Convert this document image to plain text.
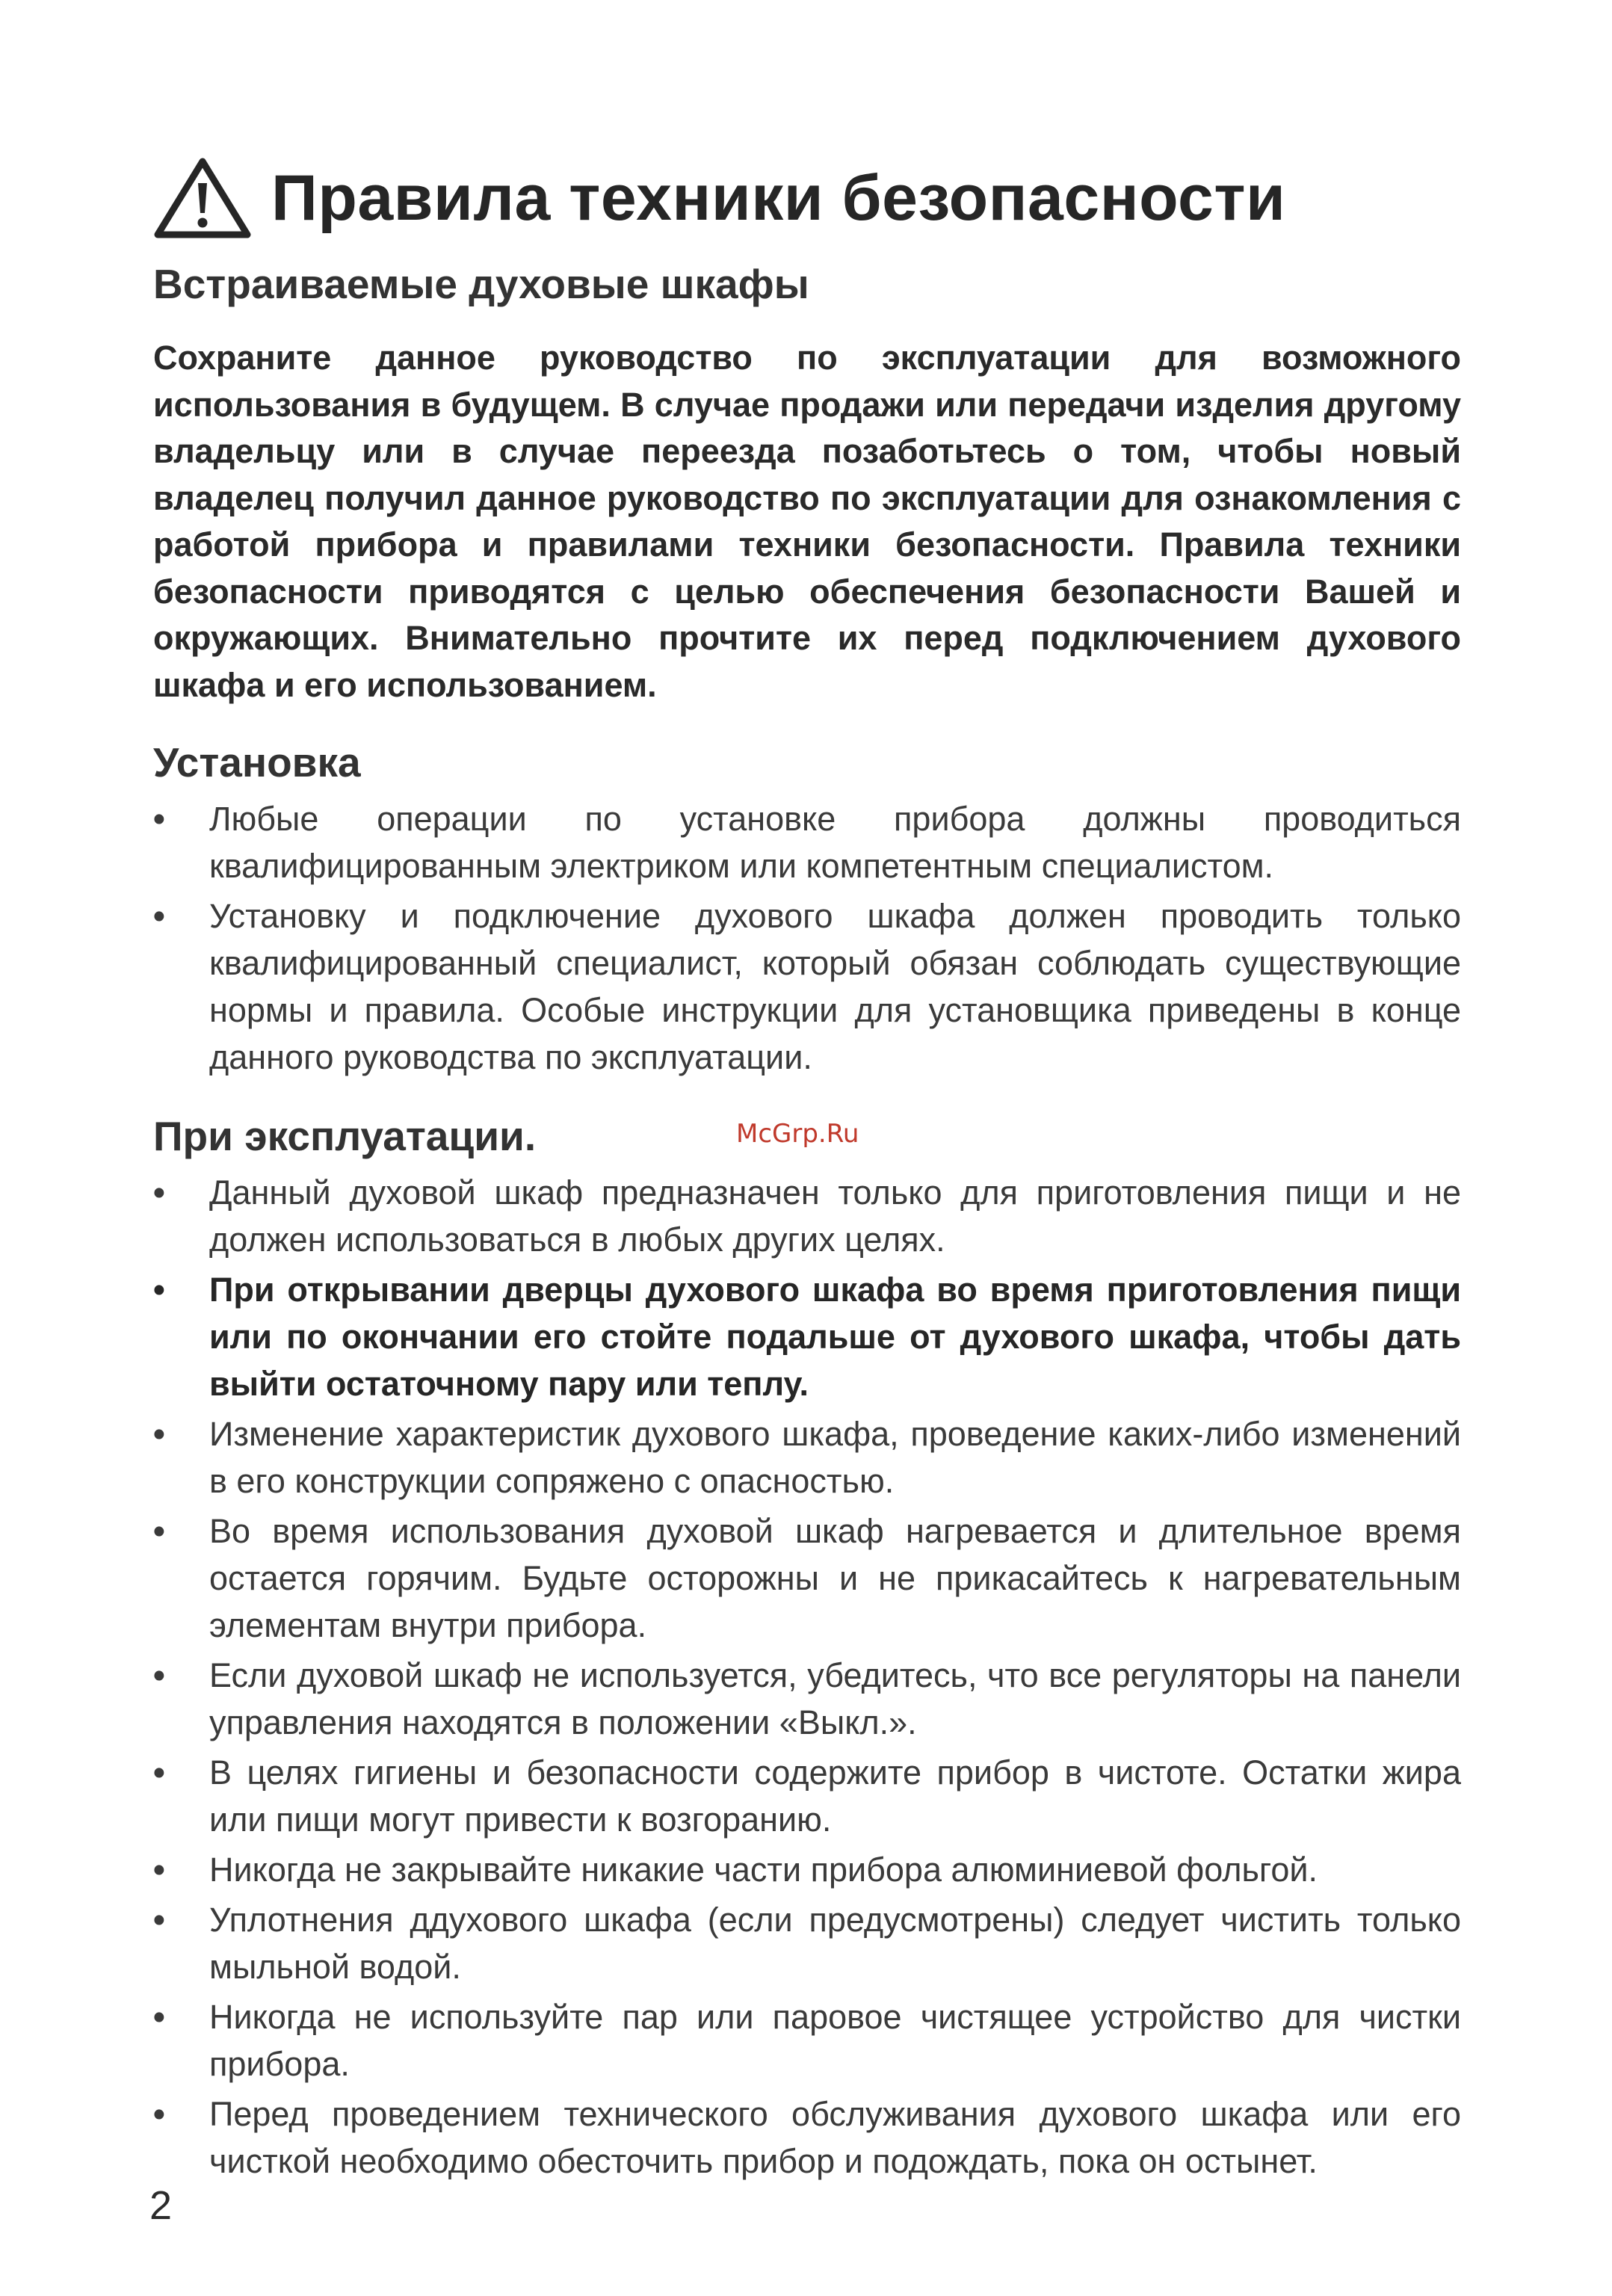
Правила техники безопасности
Встраиваемые духовые шкафы

Сохраните данное руководство по эксплуатации для возможного использования в будущем. В случае продажи или передачи изделия другому владельцу или в случае переезда позаботьтесь о том, чтобы новый владелец получил данное руководство по эксплуатации для ознакомления с работой прибора и правилами техники безопасности. Правила техники безопасности приводятся с целью обеспечения безопасности Вашей и окружающих. Внимательно прочтите их перед подключением духового шкафа и его использованием.

Установка
•	Любые операции по установке прибора должны проводиться квалифицированным электриком или компетентным специалистом.
•	Установку и подключение духового шкафа должен проводить только квалифицированный специалист, который обязан соблюдать существующие нормы и правила. Особые инструкции для установщика приведены в конце данного руководства по эксплуатации.
При эксплуатации.
•	Данный духовой шкаф предназначен только для приготовления пищи и не должен использоваться в любых других целях.
•	При открывании дверцы духового шкафа во время приготовления пищи или по окончании его стойте подальше от духового шкафа, чтобы дать выйти остаточному пару или теплу.
•	Изменение характеристик духового шкафа, проведение каких-либо изменений в его конструкции сопряжено с опасностью.
•	Во время использования духовой шкаф нагревается и длительное время остается горячим. Будьте осторожны и не прикасайтесь к нагревательным элементам внутри прибора.
•	Если духовой шкаф не используется, убедитесь, что все регуляторы на панели управления находятся в положении «Выкл.».
•	В целях гигиены и безопасности содержите прибор в чистоте. Остатки жира или пищи могут привести к возгоранию.
•	Никогда не закрывайте никакие части прибора алюминиевой фольгой.
•	Уплотнения ддухового шкафа (если предусмотрены) следует чистить только мыльной водой.
•	Никогда не используйте пар или паровое чистящее устройство для чистки прибора.
•	Перед проведением технического обслуживания духового шкафа или его чисткой необходимо обесточить прибор и подождать, пока он остынет.
McGrp.Ru
2
